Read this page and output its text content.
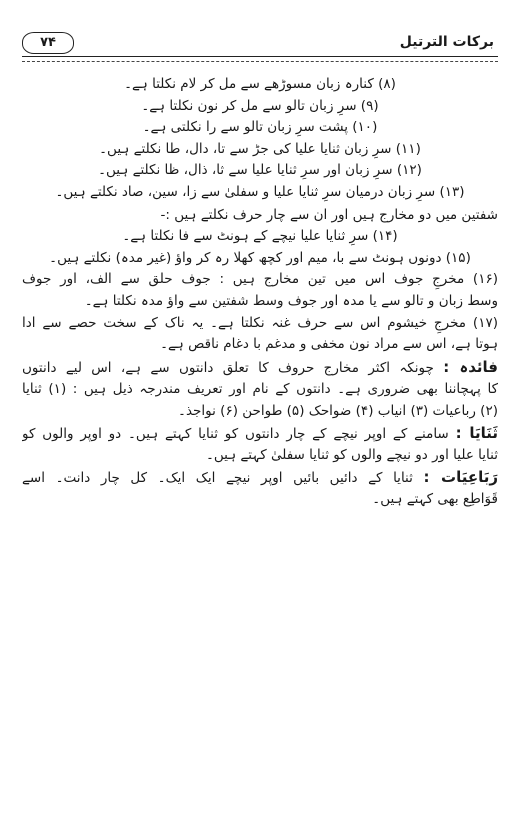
۷۴	برکات الترتیل
(۸) کنارہ زبان مسوڑھے سے مل کر لام نکلتا ہے۔
(۹) سرِ زبان تالو سے مل کر نون نکلتا ہے۔
(۱۰) پشت سرِ زبان تالو سے را نکلتی ہے۔
(۱۱) سرِ زبان ثنایا علیا کی جڑ سے تا، دال، طا نکلتے ہیں۔
(۱۲) سرِ زبان اور سرِ ثنایا علیا سے ثا، ذال، ظا نکلتے ہیں۔
(۱۳) سرِ زبان درمیان سرِ ثنایا علیا و سفلیٰ سے زا، سین، صاد نکلتے ہیں۔
شفتین میں دو مخارج ہیں اور ان سے چار حرف نکلتے ہیں :-
(۱۴) سرِ ثنایا علیا نیچے کے ہونٹ سے فا نکلتا ہے۔
(۱۵) دونوں ہونٹ سے با، میم اور کچھ کھلا رہ کر واؤ (غیر مدہ) نکلتے ہیں۔
(۱۶) مخرجِ جوف اس میں تین مخارج ہیں : جوف حلق سے الف، اور جوف
وسط زبان و تالو سے یا مدہ اور جوف وسط شفتین سے واؤ مدہ نکلتا ہے۔
(۱۷) مخرجِ خیشوم اس سے حرف غنہ نکلتا ہے۔ یہ ناک کے سخت حصے سے ادا
ہوتا ہے، اس سے مراد نون مخفی و مدغم با دغام ناقص ہے۔
فائدہ : چونکہ اکثر مخارج حروف کا تعلق دانتوں سے ہے، اس لیے دانتوں
کا پہچاننا بھی ضروری ہے۔ دانتوں کے نام اور تعریف مندرجہ ذیل ہیں : (۱) ثنایا
(۲) رباعیات (۳) انیاب (۴) ضواحک (۵) طواحن (۶) نواجذ۔
ثَنَایَا : سامنے کے اوپر نیچے کے چار دانتوں کو ثنایا کہتے ہیں۔ دو اوپر والوں کو
ثنایا علیا اور دو نیچے والوں کو ثنایا سفلیٰ کہتے ہیں۔
رَبَاعِیَات : ثنایا کے دائیں بائیں اوپر نیچے ایک ایک۔ کل چار دانت۔ اسے
قَوَاطِع بھی کہتے ہیں۔
